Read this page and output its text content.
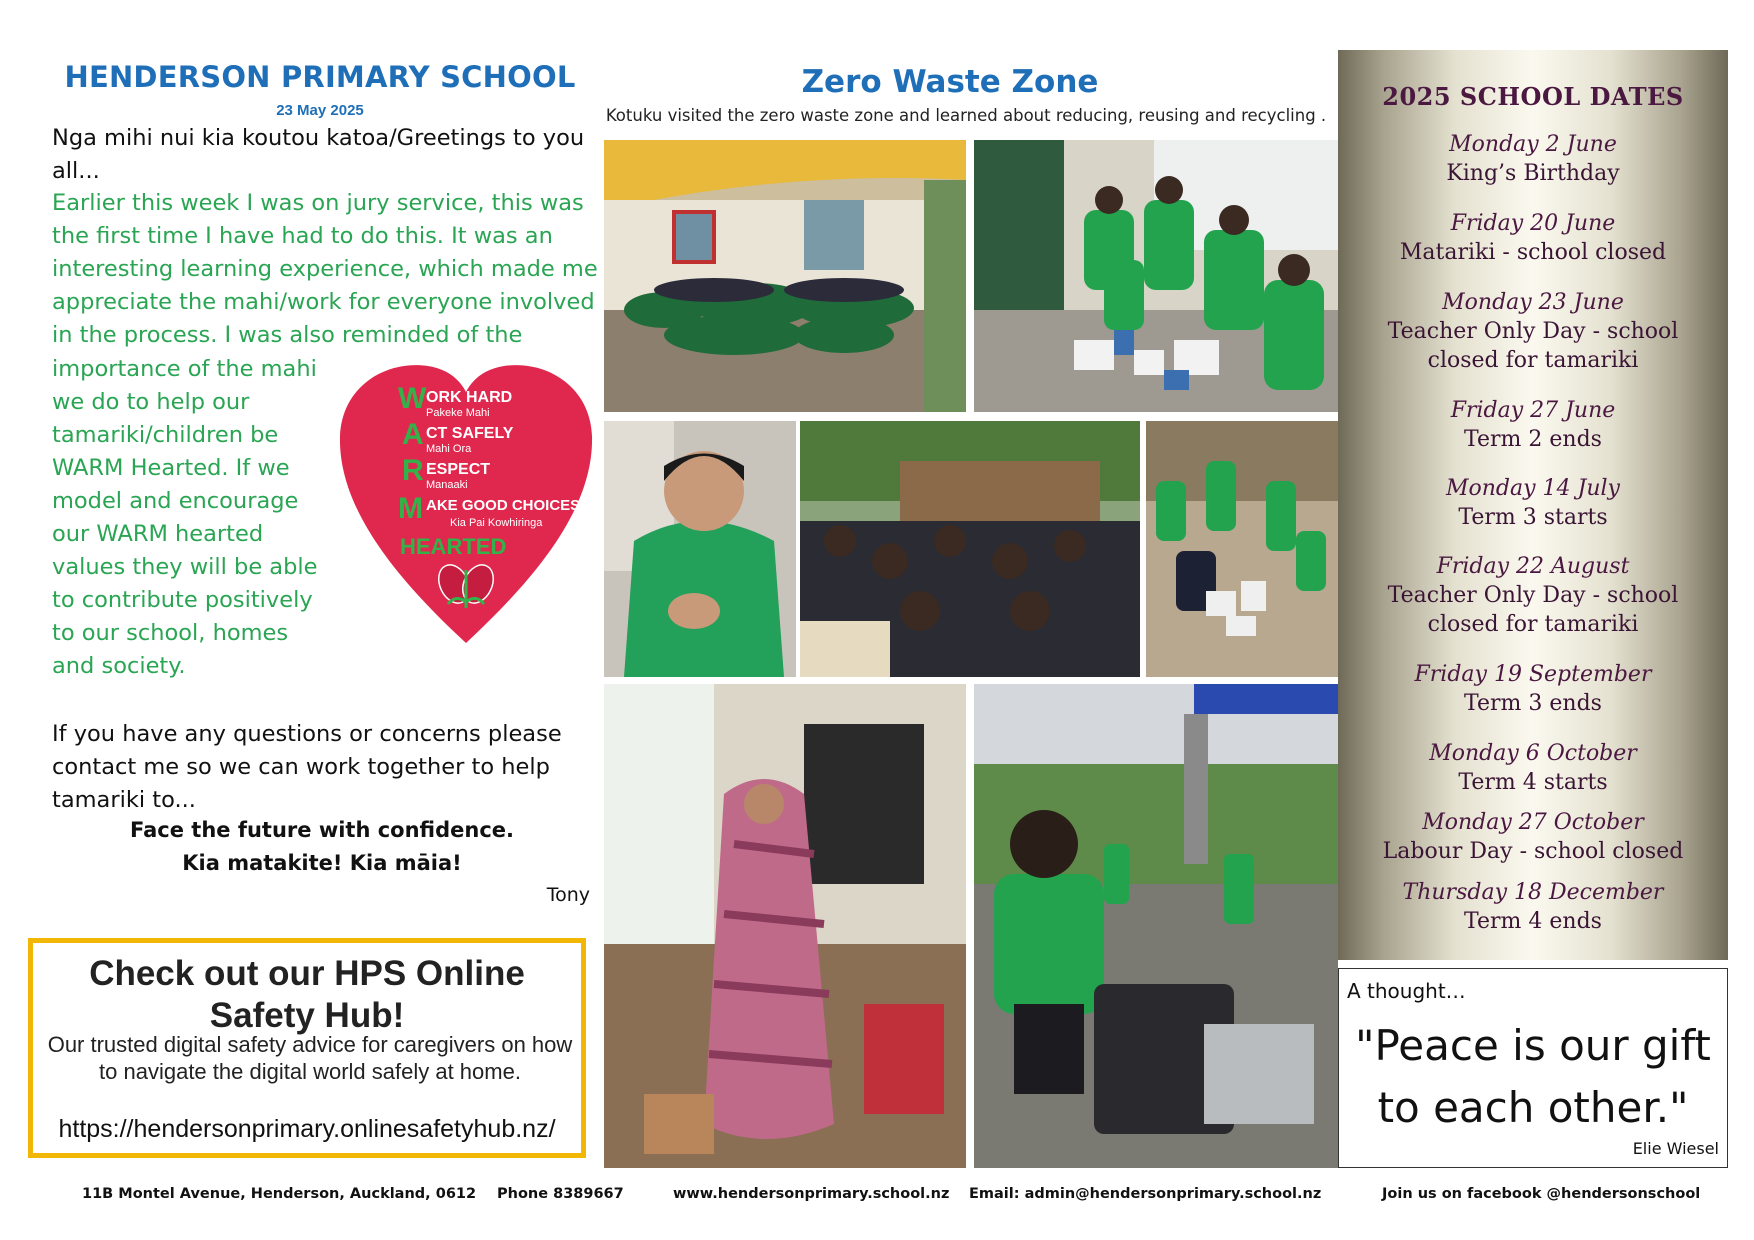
HENDERSON PRIMARY SCHOOL
23 May 2025
Nga mihi nui kia koutou katoa/Greetings to you all...
Earlier this week I was on jury service, this was the first time I have had to do this. It was an interesting learning experience, which made me appreciate the mahi/work for everyone involved in the process. I was also reminded of the
importance of the mahi we do to help our tamariki/children be WARM Hearted. If we model and encourage our WARM hearted values they will be able to contribute positively to our school, homes and society.
If you have any questions or concerns please contact me so we can work together to help tamariki to...
Face the future with confidence.
Kia matakite! Kia māia!
Tony
W ORK HARD
Pakeke Mahi
A CT SAFELY
Mahi Ora
R ESPECT
Manaaki
M AKE GOOD CHOICES
Kia Pai Kowhiringa
HEARTED
Check out our HPS Online Safety Hub!
Our trusted digital safety advice for caregivers on how to navigate the digital world safely at home.
https://hendersonprimary.onlinesafetyhub.nz/
Zero Waste Zone
Kotuku visited the zero waste zone and learned about reducing, reusing and recycling .
2025 SCHOOL DATES
Monday 2 June
King’s Birthday
Friday 20 June
Matariki - school closed
Monday 23 June
Teacher Only Day - school closed for tamariki
Friday 27 June
Term 2 ends
Monday 14 July
Term 3 starts
Friday 22 August
Teacher Only Day - school closed for tamariki
Friday 19 September
Term 3 ends
Monday 6 October
Term 4 starts
Monday 27 October
Labour Day - school closed
Thursday 18 December
Term 4 ends
A thought…
"Peace is our gift to each other."
Elie Wiesel
11B Montel Avenue, Henderson, Auckland, 0612 Phone 8389667	www.hendersonprimary.school.nz Email: admin@hendersonprimary.school.nz	Join us on facebook @hendersonschool
